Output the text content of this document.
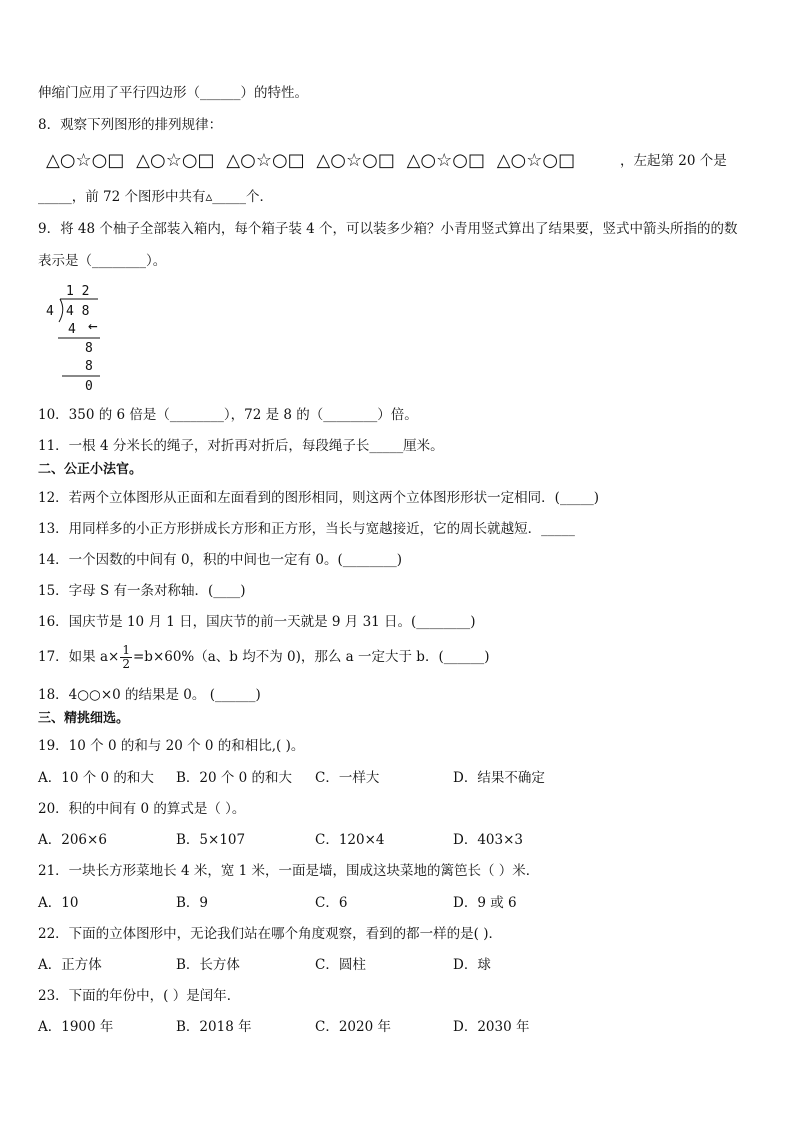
伸缩门应用了平行四边形（______）的特性。
8．观察下列图形的排列规律：
△○☆○□ △○☆○□ △○☆○□ △○☆○□ △○☆○□ △○☆○□	，左起第 20 个是
_____，前 72 个图形中共有▵_____个．
9．将 48 个柚子全部装入箱内，每个箱子装 4 个，可以装多少箱？小青用竖式算出了结果要，竖式中箭头所指的的数
表示是（________）。
1 2
4 4 8
4 ←
8
8
0
10．350 的 6 倍是（________），72 是 8 的（________）倍。
11．一根 4 分米长的绳子，对折再对折后，每段绳子长_____厘米。
二、公正小法官。
12．若两个立体图形从正面和左面看到的图形相同，则这两个立体图形形状一定相同．(_____)
13．用同样多的小正方形拼成长方形和正方形，当长与宽越接近，它的周长就越短．_____
14．一个因数的中间有 0，积的中间也一定有 0。(________)
15．字母 S 有一条对称轴．(____)
16．国庆节是 10 月 1 日，国庆节的前一天就是 9 月 31 日。(________)
17．如果 $a\times \frac{1}{2} =b\times 60\%(a$、b 均不为 0)，那么 a 一定大于 b．(______)
18．4○○×0 的结果是 0。 (______)
三、精挑细选。
19．10 个 0 的和与 20 个 0 的和相比,( )。
A．10 个 0 的和大 B．20 个 0 的和大 C．一样大	D．结果不确定
20．积的中间有 0 的算式是（ ）。
A．206×6	B．5×107	C．120×4	D．403×3
21．一块长方形菜地长 4 米，宽 1 米，一面是墙，围成这块菜地的篱笆长（ ）米．
A．10	B．9	C．6	D．9 或 6
22．下面的立体图形中，无论我们站在哪个角度观察，看到的都一样的是( )．
A．正方体	B．长方体	C．圆柱	D．球
23．下面的年份中，( ）是闰年．
A．1900 年	B．2018 年	C．2020 年	D．2030 年
